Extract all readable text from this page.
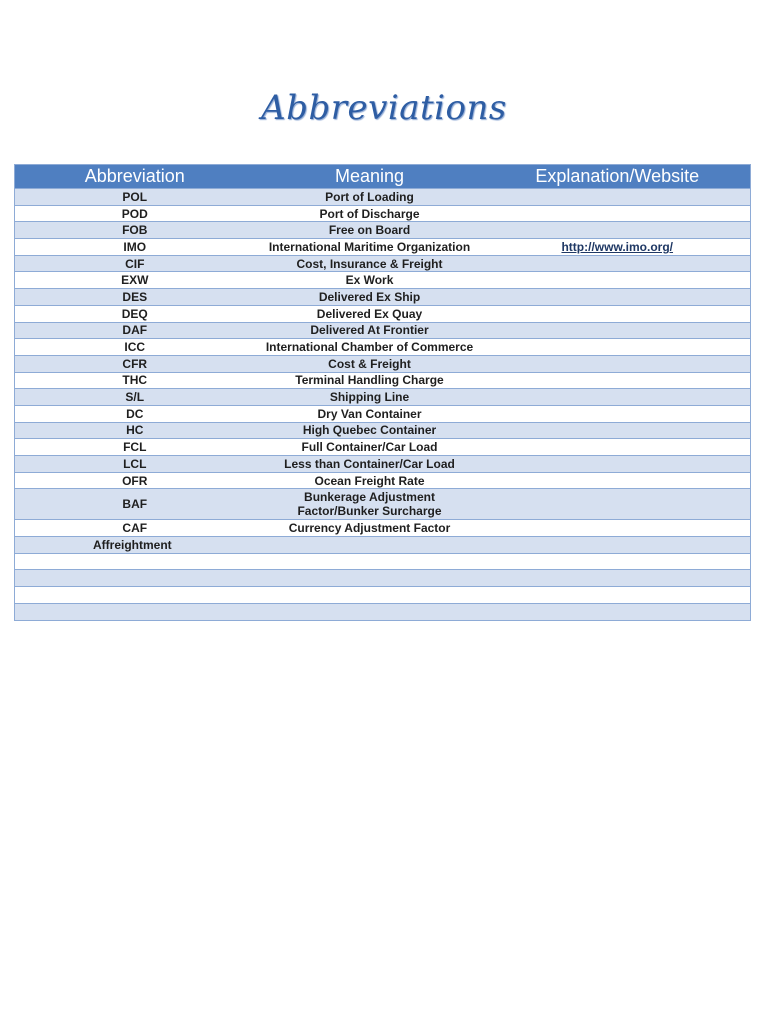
Abbreviations
Abbreviation	Meaning	Explanation/Website
POL	Port of Loading	
POD	Port of Discharge	
FOB	Free on Board	
IMO	International Maritime Organization	http://www.imo.org/
CIF	Cost, Insurance & Freight	
EXW	Ex Work	
DES	Delivered Ex Ship	
DEQ	Delivered Ex Quay	
DAF	Delivered At Frontier	
ICC	International Chamber of Commerce	
CFR	Cost & Freight	
THC	Terminal Handling Charge	
S/L	Shipping Line	
DC	Dry Van Container	
HC	High Quebec Container	
FCL	Full Container/Car Load	
LCL	Less than Container/Car Load	
OFR	Ocean Freight Rate	
BAF	Bunkerage Adjustment
Factor/Bunker Surcharge	
CAF	Currency Adjustment Factor	
Affreightment		
